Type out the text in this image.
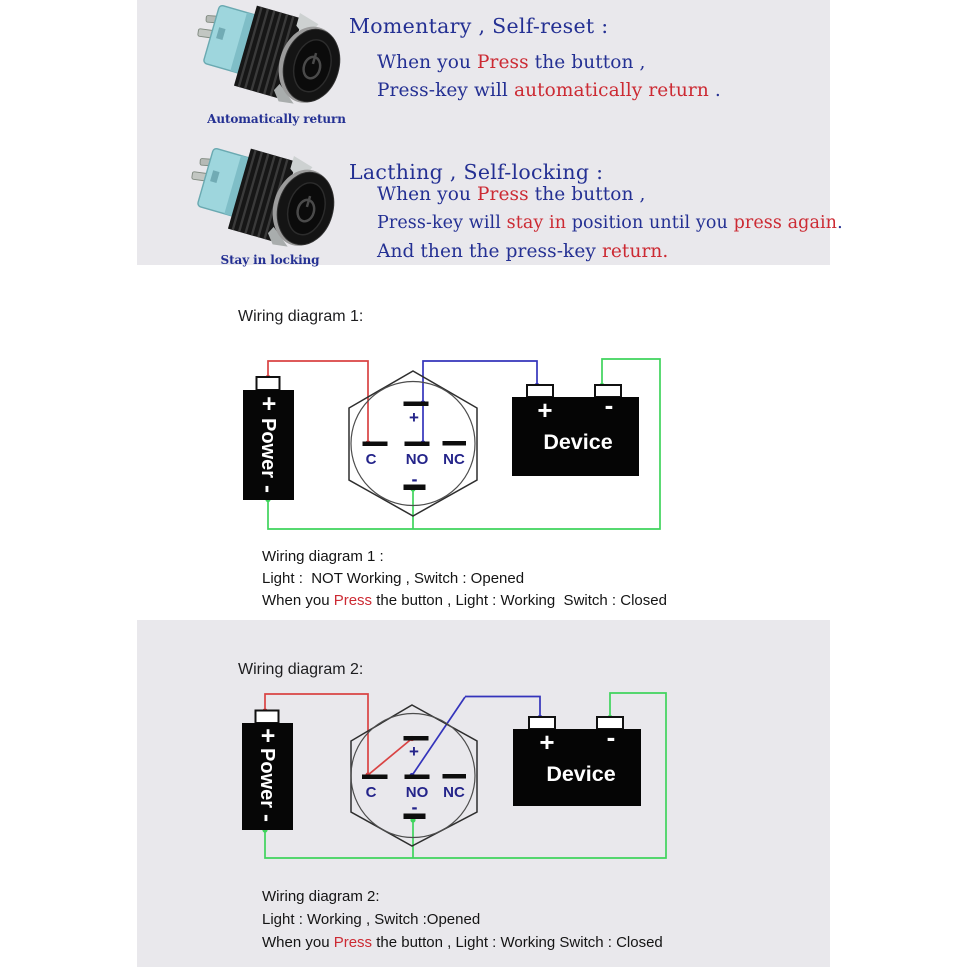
Automatically return
Momentary , Self-reset :
When you Press the button ,
Press-key will automatically return .
Stay in locking
Lacthing , Self-locking :
When you Press the button ,
Press-key will stay in position until you press again.
And then the press-key return.
Wiring diagram 1:
+
Power
-
+
C NO NC
-
+ -
Device
Wiring diagram 1 :
Light :  NOT Working , Switch : Opened
When you Press the button , Light : Working  Switch : Closed
Wiring diagram 2:
+
Power
-
+
C NO NC
-
+ -
Device
Wiring diagram 2:
Light : Working , Switch :Opened
When you Press the button , Light : Working Switch : Closed
